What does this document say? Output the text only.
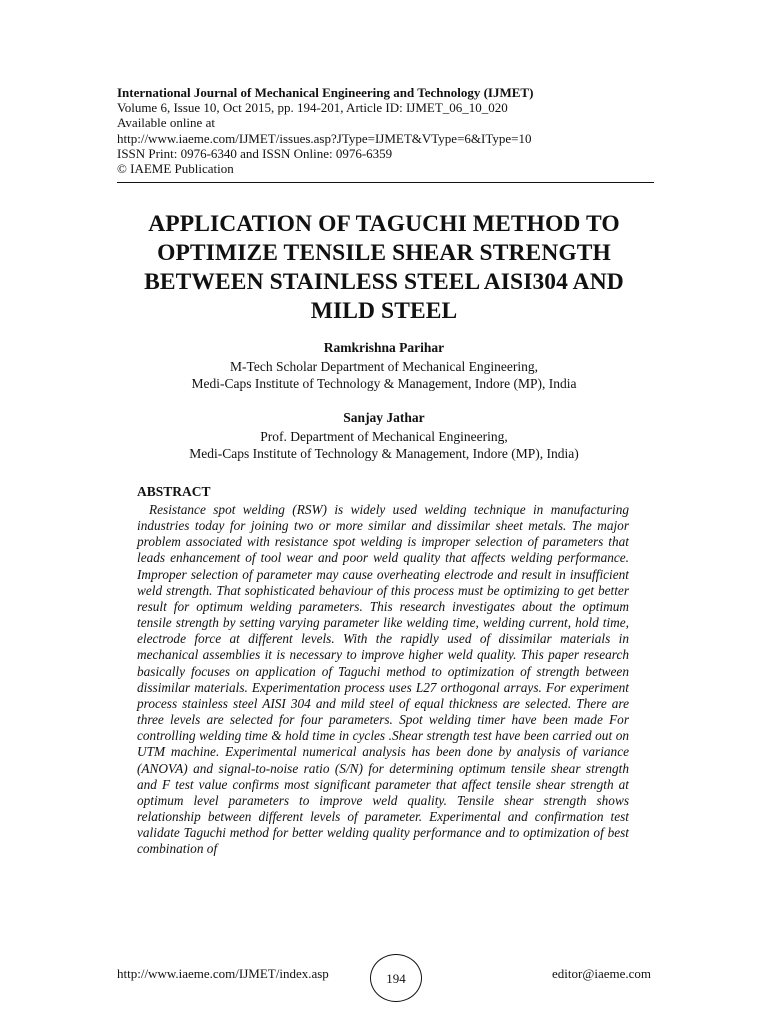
International Journal of Mechanical Engineering and Technology (IJMET)
Volume 6, Issue 10, Oct 2015, pp. 194-201, Article ID: IJMET_06_10_020
Available online at
http://www.iaeme.com/IJMET/issues.asp?JType=IJMET&VType=6&IType=10
ISSN Print: 0976-6340 and ISSN Online: 0976-6359
© IAEME Publication
APPLICATION OF TAGUCHI METHOD TO
OPTIMIZE TENSILE SHEAR STRENGTH
BETWEEN STAINLESS STEEL AISI304 AND
MILD STEEL
Ramkrishna Parihar
M-Tech Scholar Department of Mechanical Engineering,
Medi-Caps Institute of Technology & Management, Indore (MP), India
Sanjay Jathar
Prof. Department of Mechanical Engineering,
Medi-Caps Institute of Technology & Management, Indore (MP), India)
ABSTRACT
Resistance spot welding (RSW) is widely used welding technique in manufacturing industries today for joining two or more similar and dissimilar sheet metals. The major problem associated with resistance spot welding is improper selection of parameters that leads enhancement of tool wear and poor weld quality that affects welding performance. Improper selection of parameter may cause overheating electrode and result in insufficient weld strength. That sophisticated behaviour of this process must be optimizing to get better result for optimum welding parameters. This research investigates about the optimum tensile strength by setting varying parameter like welding time, welding current, hold time, electrode force at different levels. With the rapidly used of dissimilar materials in mechanical assemblies it is necessary to improve higher weld quality. This paper research basically focuses on application of Taguchi method to optimization of strength between dissimilar materials. Experimentation process uses L27 orthogonal arrays. For experiment process stainless steel AISI 304 and mild steel of equal thickness are selected. There are three levels are selected for four parameters. Spot welding timer have been made For controlling welding time & hold time in cycles .Shear strength test have been carried out on UTM machine. Experimental numerical analysis has been done by analysis of variance (ANOVA) and signal-to-noise ratio (S/N) for determining optimum tensile shear strength and F test value confirms most significant parameter that affect tensile shear strength at optimum level parameters to improve weld quality. Tensile shear strength shows relationship between different levels of parameter. Experimental and confirmation test validate Taguchi method for better welding quality performance and to optimization of best combination of
http://www.iaeme.com/IJMET/index.asp	194	editor@iaeme.com
